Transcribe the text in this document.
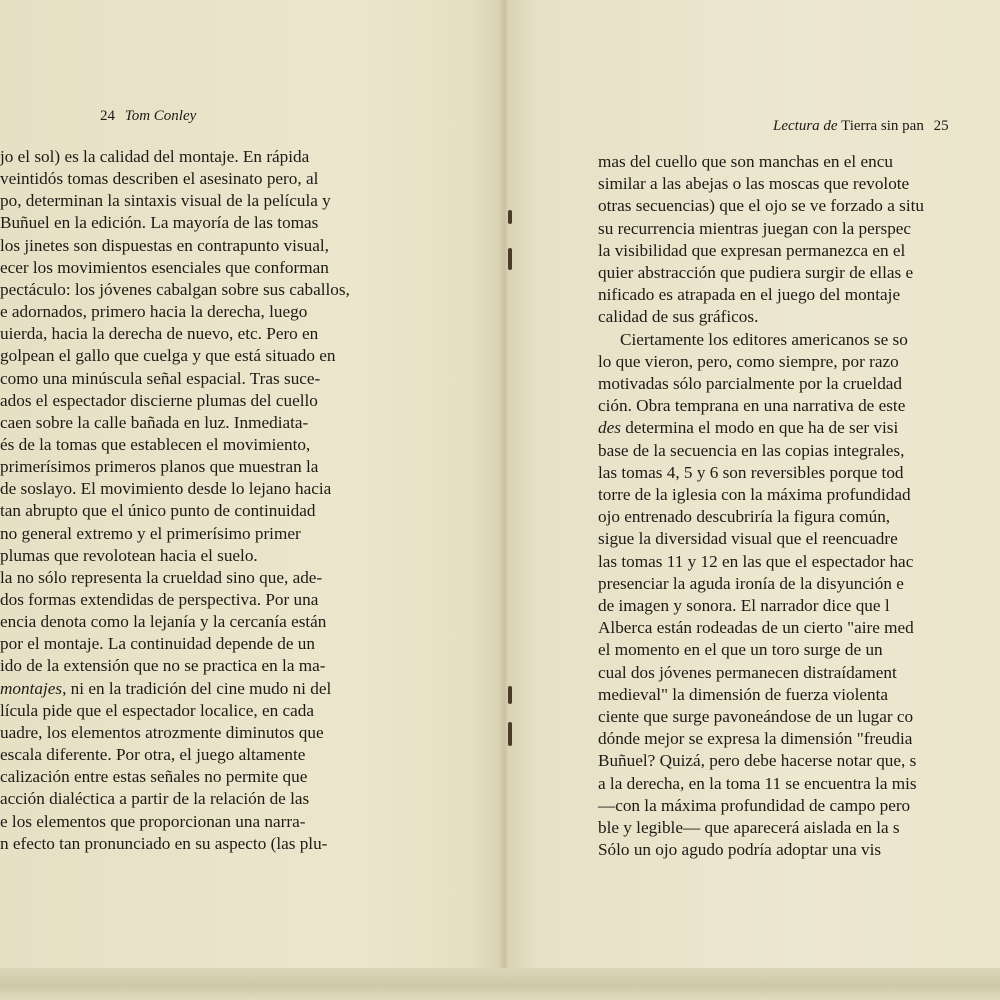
24 Tom Conley
Lectura de Tierra sin pan 25
jo el sol) es la calidad del montaje. En rápida
veintidós tomas describen el asesinato pero, al
po, determinan la sintaxis visual de la película y
Buñuel en la edición. La mayoría de las tomas
los jinetes son dispuestas en contrapunto visual,
ecer los movimientos esenciales que conforman
pectáculo: los jóvenes cabalgan sobre sus caballos,
e adornados, primero hacia la derecha, luego
uierda, hacia la derecha de nuevo, etc. Pero en
golpean el gallo que cuelga y que está situado en
como una minúscula señal espacial. Tras suce-
ados el espectador discierne plumas del cuello
caen sobre la calle bañada en luz. Inmediata-
és de la tomas que establecen el movimiento,
primerísimos primeros planos que muestran la
de soslayo. El movimiento desde lo lejano hacia
tan abrupto que el único punto de continuidad
no general extremo y el primerísimo primer
plumas que revolotean hacia el suelo.
la no sólo representa la crueldad sino que, ade-
dos formas extendidas de perspectiva. Por una
encia denota como la lejanía y la cercanía están
por el montaje. La continuidad depende de un
ido de la extensión que no se practica en la ma-
montajes, ni en la tradición del cine mudo ni del
lícula pide que el espectador localice, en cada
uadre, los elementos atrozmente diminutos que
escala diferente. Por otra, el juego altamente
calización entre estas señales no permite que
acción dialéctica a partir de la relación de las
e los elementos que proporcionan una narra-
n efecto tan pronunciado en su aspecto (las plu-
mas del cuello que son manchas en el encu
similar a las abejas o las moscas que revolote
otras secuencias) que el ojo se ve forzado a situ
su recurrencia mientras juegan con la perspec
la visibilidad que expresan permanezca en el
quier abstracción que pudiera surgir de ellas e
nificado es atrapada en el juego del montaje
calidad de sus gráficos.
Ciertamente los editores americanos se so
lo que vieron, pero, como siempre, por razo
motivadas sólo parcialmente por la crueldad
ción. Obra temprana en una narrativa de este
des determina el modo en que ha de ser visi
base de la secuencia en las copias integrales,
las tomas 4, 5 y 6 son reversibles porque tod
torre de la iglesia con la máxima profundidad
ojo entrenado descubriría la figura común,
sigue la diversidad visual que el reencuadre
las tomas 11 y 12 en las que el espectador hac
presenciar la aguda ironía de la disyunción e
de imagen y sonora. El narrador dice que l
Alberca están rodeadas de un cierto "aire med
el momento en el que un toro surge de un
cual dos jóvenes permanecen distraídament
medieval" la dimensión de fuerza violenta
ciente que surge pavoneándose de un lugar co
dónde mejor se expresa la dimensión "freudia
Buñuel? Quizá, pero debe hacerse notar que, s
a la derecha, en la toma 11 se encuentra la mis
—con la máxima profundidad de campo pero
ble y legible— que aparecerá aislada en la s
Sólo un ojo agudo podría adoptar una vis
